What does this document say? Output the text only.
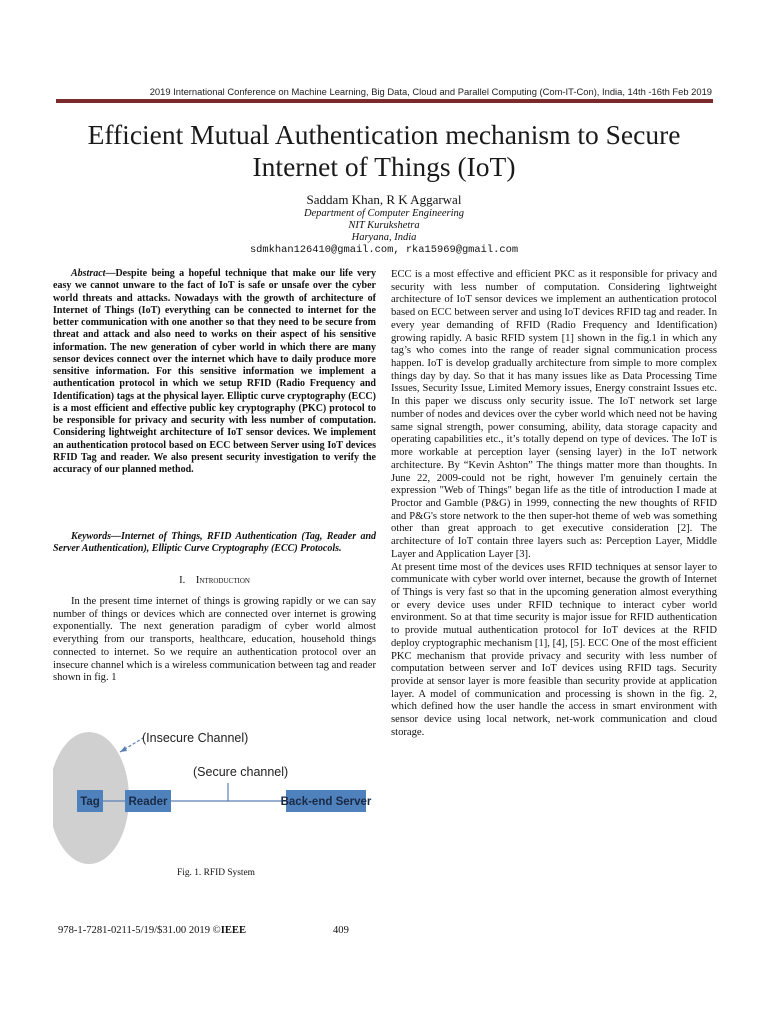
2019 International Conference on Machine Learning, Big Data, Cloud and Parallel Computing (Com-IT-Con), India, 14th -16th Feb 2019
Efficient Mutual Authentication mechanism to Secure
Internet of Things (IoT)
Saddam Khan, R K Aggarwal
Department of Computer Engineering
NIT Kurukshetra
Haryana, India
sdmkhan126410@gmail.com, rka15969@gmail.com

Abstract—Despite being a hopeful technique that make our life very easy we cannot unware to the fact of IoT is safe or unsafe over the cyber world threats and attacks. Nowadays with the growth of architecture of Internet of Things (IoT) everything can be connected to internet for the better communication with one another so that they need to be secure from threat and attack and also need to works on their aspect of his sensitive information. The new generation of cyber world in which there are many sensor devices connect over the internet which have to daily produce more sensitive information. For this sensitive information we implement a authentication protocol in which we setup RFID (Radio Frequency and Identification) tags at the physical layer. Elliptic curve cryptography (ECC) is a most efficient and effective public key cryptography (PKC) protocol to be responsible for privacy and security with less number of computation. Considering lightweight architecture of IoT sensor devices. We implement an authentication protocol based on ECC between Server using IoT devices RFID Tag and reader. We also present security investigation to verify the accuracy of our planned method.

Keywords—Internet of Things, RFID Authentication (Tag, Reader and Server Authentication), Elliptic Curve Cryptography (ECC) Protocols.
I. Introduction
In the present time internet of things is growing rapidly or we can say number of things or devices which are connected over internet is growing exponentially. The next generation paradigm of cyber world almost everything from our transports, healthcare, education, household things connected to internet. So we require an authentication protocol over an insecure channel which is a wireless communication between tag and reader shown in fig. 1

ECC is a most effective and efficient PKC as it responsible for privacy and security with less number of computation. Considering lightweight architecture of IoT sensor devices we implement an authentication protocol based on ECC between server and using IoT devices RFID tag and reader. In every year demanding of RFID (Radio Frequency and Identification) growing rapidly. A basic RFID system [1] shown in the fig.1 in which any tag’s who comes into the range of reader signal communication process happen. IoT is develop gradually architecture from simple to more complex things day by day. So that it has many issues like as Data Processing Time Issues, Security Issue, Limited Memory issues, Energy constraint Issues etc. In this paper we discuss only security issue. The IoT network set large number of nodes and devices over the cyber world which need not be having same signal strength, power consuming, ability, data storage capacity and operating capabilities etc., it’s totally depend on type of devices. The IoT is more workable at perception layer (sensing layer) in the IoT network architecture. By “Kevin Ashton” The things matter more than thoughts. In June 22, 2009-could not be right, however I'm genuinely certain the expression "Web of Things" began life as the title of introduction I made at Proctor and Gamble (P&G) in 1999, connecting the new thoughts of RFID and P&G's store network to the then super-hot theme of web was something other than great approach to get executive consideration [2]. The architecture of IoT contain three layers such as: Perception Layer, Middle Layer and Application Layer [3].

At present time most of the devices uses RFID techniques at sensor layer to communicate with cyber world over internet, because the growth of Internet of Things is very fast so that in the upcoming generation almost everything or every device uses under RFID technique to interact cyber world environment. So at that time security is major issue for RFID authentication to provide mutual authentication protocol for IoT devices at the RFID deploy cryptographic mechanism [1], [4], [5]. ECC One of the most efficient PKC mechanism that provide privacy and security with less number of computation between server and IoT devices using RFID tags. Security provide at sensor layer is more feasible than security provide at application layer. A model of communication and processing is shown in the fig. 2, which defined how the user handle the access in smart environment with sensor device using local network, net-work communication and cloud storage.

(Insecure Channel)
(Secure channel)
Tag Reader	Back-end Server
Fig. 1. RFID System
978-1-7281-0211-5/19/$31.00 2019 ©IEEE	409
